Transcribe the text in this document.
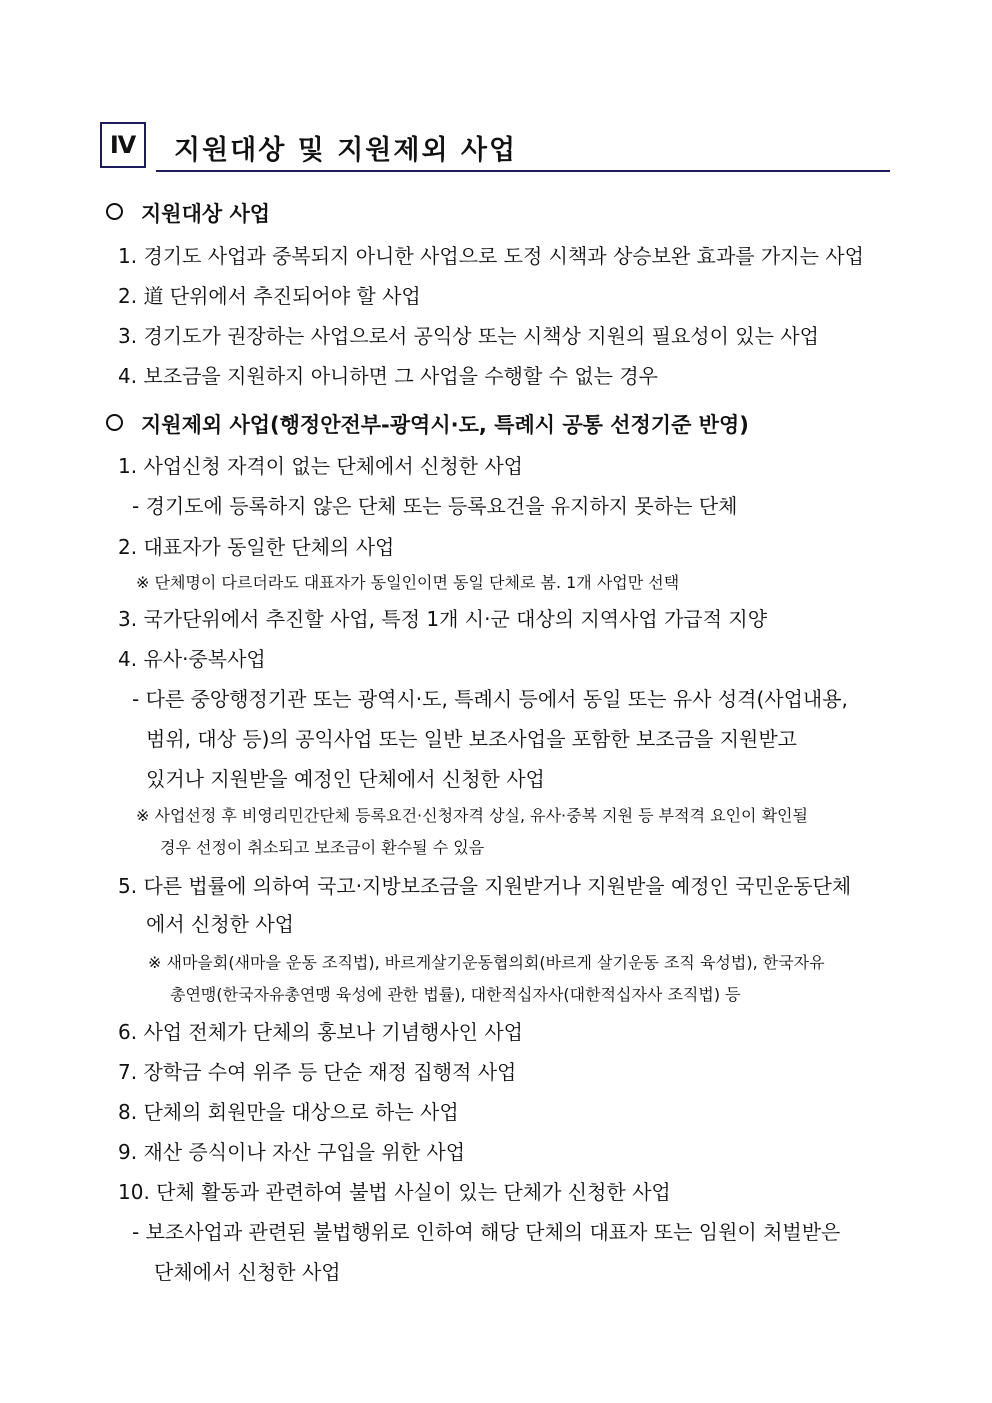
Ⅳ	지원대상 및 지원제외 사업
지원대상 사업
1. 경기도 사업과 중복되지 아니한 사업으로 도정 시책과 상승보완 효과를 가지는 사업
2. 道 단위에서 추진되어야 할 사업
3. 경기도가 권장하는 사업으로서 공익상 또는 시책상 지원의 필요성이 있는 사업
4. 보조금을 지원하지 아니하면 그 사업을 수행할 수 없는 경우
지원제외 사업(행정안전부-광역시·도, 특례시 공통 선정기준 반영)
1. 사업신청 자격이 없는 단체에서 신청한 사업
- 경기도에 등록하지 않은 단체 또는 등록요건을 유지하지 못하는 단체
2. 대표자가 동일한 단체의 사업
※ 단체명이 다르더라도 대표자가 동일인이면 동일 단체로 봄. 1개 사업만 선택
3. 국가단위에서 추진할 사업, 특정 1개 시·군 대상의 지역사업 가급적 지양
4. 유사·중복사업
- 다른 중앙행정기관 또는 광역시·도, 특례시 등에서 동일 또는 유사 성격(사업내용,
범위, 대상 등)의 공익사업 또는 일반 보조사업을 포함한 보조금을 지원받고
있거나 지원받을 예정인 단체에서 신청한 사업
※ 사업선정 후 비영리민간단체 등록요건·신청자격 상실, 유사·중복 지원 등 부적격 요인이 확인될
경우 선정이 취소되고 보조금이 환수될 수 있음
5. 다른 법률에 의하여 국고·지방보조금을 지원받거나 지원받을 예정인 국민운동단체
에서 신청한 사업
※ 새마을회(새마을 운동 조직법), 바르게살기운동협의회(바르게 살기운동 조직 육성법), 한국자유
총연맹(한국자유총연맹 육성에 관한 법률), 대한적십자사(대한적십자사 조직법) 등
6. 사업 전체가 단체의 홍보나 기념행사인 사업
7. 장학금 수여 위주 등 단순 재정 집행적 사업
8. 단체의 회원만을 대상으로 하는 사업
9. 재산 증식이나 자산 구입을 위한 사업
10. 단체 활동과 관련하여 불법 사실이 있는 단체가 신청한 사업
- 보조사업과 관련된 불법행위로 인하여 해당 단체의 대표자 또는 임원이 처벌받은
단체에서 신청한 사업
